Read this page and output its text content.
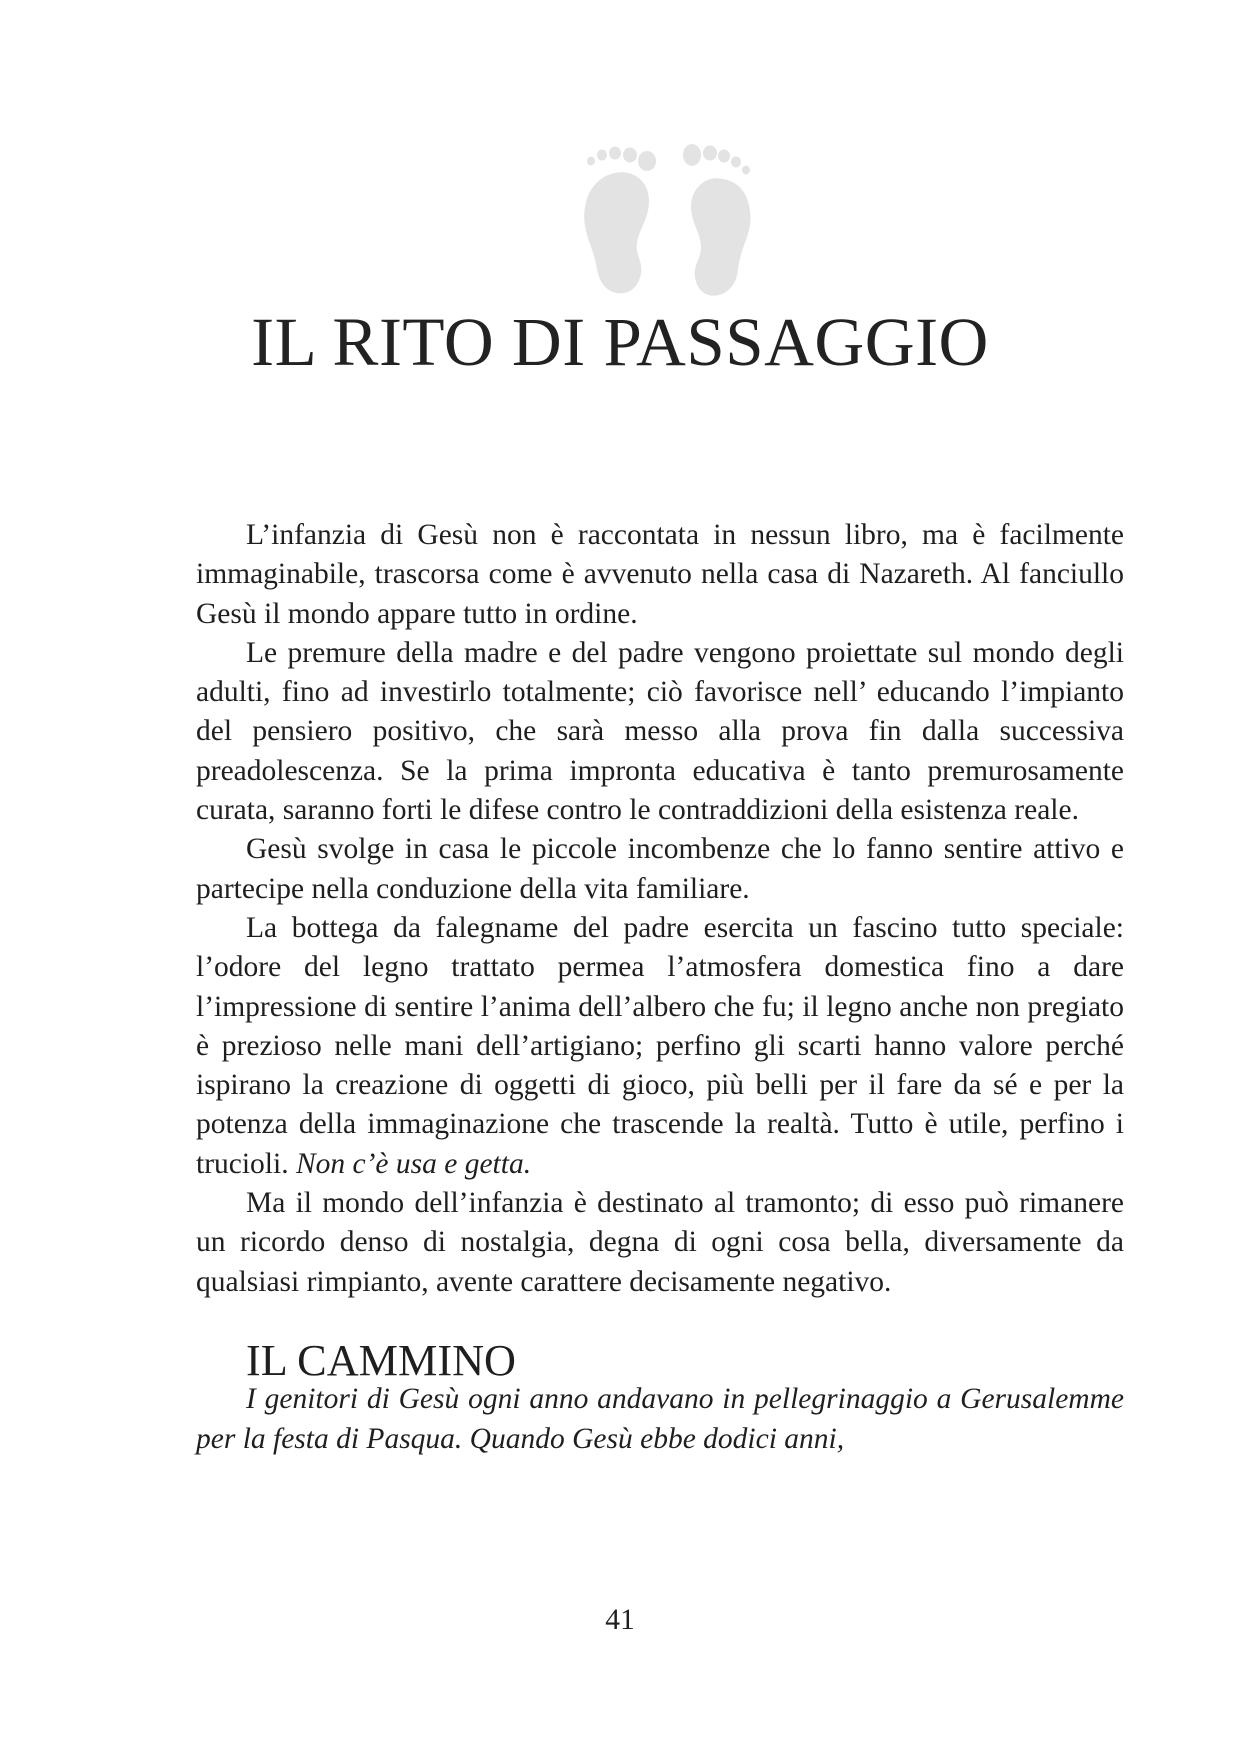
IL RITO DI PASSAGGIO

L’infanzia di Gesù non è raccontata in nessun libro, ma è facilmente immaginabile, trascorsa come è avvenuto nella casa di Nazareth. Al fanciullo Gesù il mondo appare tutto in ordine.

Le premure della madre e del padre vengono proiettate sul mondo degli adulti, fino ad investirlo totalmente; ciò favorisce nell’ educando l’impianto del pensiero positivo, che sarà messo alla prova fin dalla successiva preadolescenza. Se la prima impronta educativa è tanto premurosamente curata, saranno forti le difese contro le contraddizioni della esistenza reale.

Gesù svolge in casa le piccole incombenze che lo fanno sentire attivo e partecipe nella conduzione della vita familiare.

La bottega da falegname del padre esercita un fascino tutto speciale: l’odore del legno trattato permea l’atmosfera domestica fino a dare l’impressione di sentire l’anima dell’albero che fu; il legno anche non pregiato è prezioso nelle mani dell’artigiano; perfino gli scarti hanno valore perché ispirano la creazione di oggetti di gioco, più belli per il fare da sé e per la potenza della immaginazione che trascende la realtà. Tutto è utile, perfino i trucioli. Non c’è usa e getta.

Ma il mondo dell’infanzia è destinato al tramonto; di esso può rimanere un ricordo denso di nostalgia, degna di ogni cosa bella, diversamente da qualsiasi rimpianto, avente carattere decisamente negativo.

IL CAMMINO

I genitori di Gesù ogni anno andavano in pellegrinaggio a Gerusalemme per la festa di Pasqua. Quando Gesù ebbe dodici anni,

41
